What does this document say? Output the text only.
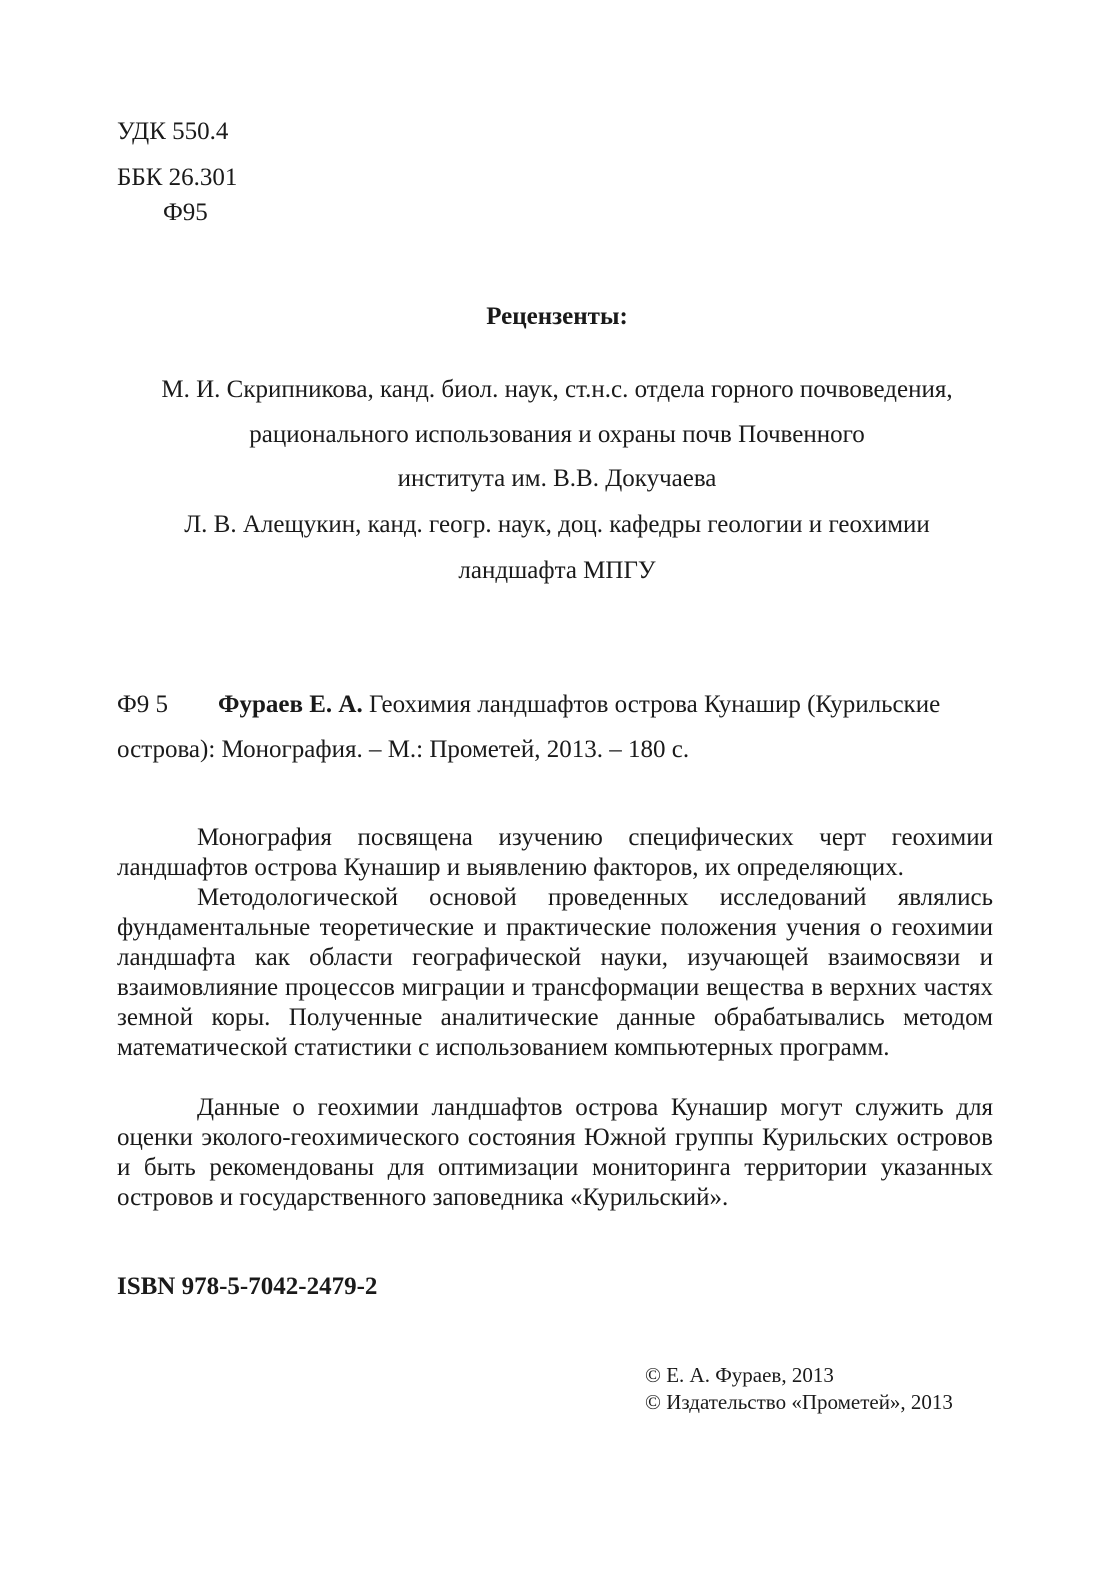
УДК 550.4
ББК 26.301
Ф95
Рецензенты:
М. И. Скрипникова, канд. биол. наук, ст.н.с. отдела горного почвоведения,
рационального использования и охраны почв Почвенного
института им. В.В. Докучаева
Л. В. Алещукин, канд. геогр. наук, доц. кафедры геологии и геохимии
ландшафта МПГУ
Ф9 5 Фураев Е. А. Геохимия ландшафтов острова Кунашир (Курильские
острова): Монография. – М.: Прометей, 2013. – 180 с.

Монография посвящена изучению специфических черт геохимии ландшафтов острова Кунашир и выявлению факторов, их определяющих.

Методологической основой проведенных исследований являлись фундаментальные теоретические и практические положения учения о геохимии ландшафта как области географической науки, изучающей взаимосвязи и взаимовлияние процессов миграции и трансформации вещества в верхних частях земной коры. Полученные аналитические данные обрабатывались методом математической статистики с использованием компьютерных программ.

Данные о геохимии ландшафтов острова Кунашир могут служить для оценки эколого-геохимического состояния Южной группы Курильских островов и быть рекомендованы для оптимизации мониторинга территории указанных островов и государственного заповедника «Курильский».

ISBN 978-5-7042-2479-2
© Е. А. Фураев, 2013
© Издательство «Прометей», 2013
